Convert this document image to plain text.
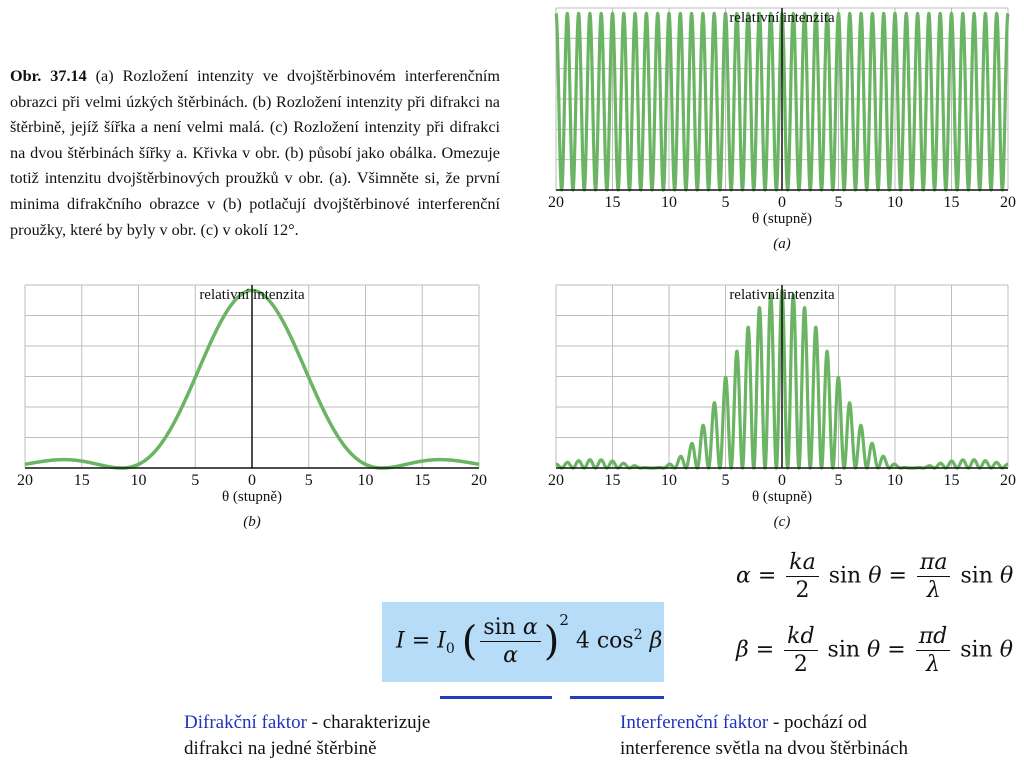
Obr. 37.14 (a) Rozložení intenzity ve dvojštěrbinovém interferenčním obrazci při velmi úzkých štěrbinách. (b) Rozložení intenzity při difrakci na štěrbině, jejíž šířka a není velmi malá. (c) Rozložení intenzity při difrakci na dvou štěrbinách šířky a. Křivka v obr. (b) působí jako obálka. Omezuje totiž intenzitu dvojštěrbinových proužků v obr. (a). Všimněte si, že první minima difrakčního obrazce v (b) potlačují dvojštěrbinové interferenční proužky, které by byly v obr. (c) v okolí 12°.
relativní intenzita
20	15	10	5	0	5	10	15	20
θ (stupně)
(a)
relativní intenzita
20	15	10	5	0	5	10	15	20
θ (stupně)
(b)
relativní intenzita
20	15	10	5	0	5	10	15	20
θ (stupně)
(c)
$I = I_0$ ( $\frac{\text{sin α}}{\alpha} )^2$ 4 $\cos^2 \beta$
$\alpha = \frac{ka}{2}$ $\sin \theta = \frac{\pi a}{\lambda}$ sin θ
$\beta = \frac{kd}{2}$ $\sin \theta = \frac{\pi d}{\lambda}$ sin θ
Difrakční faktor - charakterizuje
difrakci na jedné štěrbině
Interferenční faktor - pochází od
interference světla na dvou štěrbinách
